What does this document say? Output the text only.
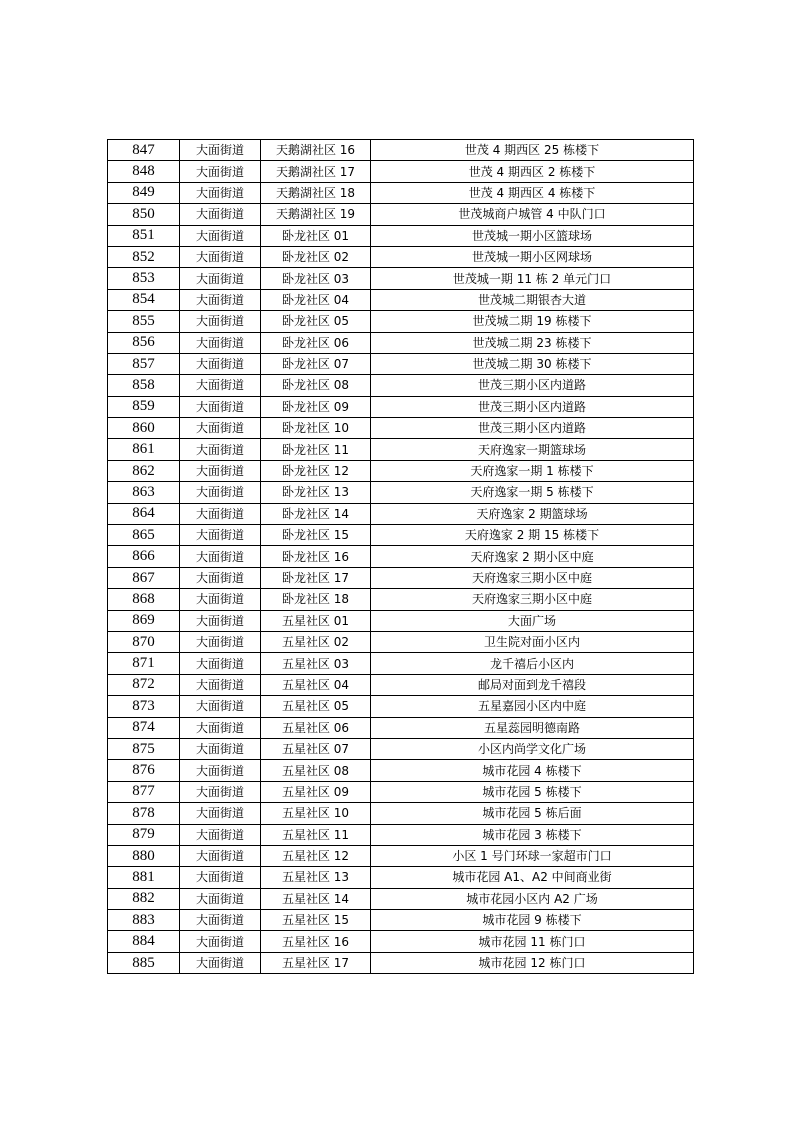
847	大面街道	天鹅湖社区 16	世茂 4 期西区 25 栋楼下
848	大面街道	天鹅湖社区 17	世茂 4 期西区 2 栋楼下
849	大面街道	天鹅湖社区 18	世茂 4 期西区 4 栋楼下
850	大面街道	天鹅湖社区 19	世茂城商户城管 4 中队门口
851	大面街道	卧龙社区 01	世茂城一期小区篮球场
852	大面街道	卧龙社区 02	世茂城一期小区网球场
853	大面街道	卧龙社区 03	世茂城一期 11 栋 2 单元门口
854	大面街道	卧龙社区 04	世茂城二期银杏大道
855	大面街道	卧龙社区 05	世茂城二期 19 栋楼下
856	大面街道	卧龙社区 06	世茂城二期 23 栋楼下
857	大面街道	卧龙社区 07	世茂城二期 30 栋楼下
858	大面街道	卧龙社区 08	世茂三期小区内道路
859	大面街道	卧龙社区 09	世茂三期小区内道路
860	大面街道	卧龙社区 10	世茂三期小区内道路
861	大面街道	卧龙社区 11	天府逸家一期篮球场
862	大面街道	卧龙社区 12	天府逸家一期 1 栋楼下
863	大面街道	卧龙社区 13	天府逸家一期 5 栋楼下
864	大面街道	卧龙社区 14	天府逸家 2 期篮球场
865	大面街道	卧龙社区 15	天府逸家 2 期 15 栋楼下
866	大面街道	卧龙社区 16	天府逸家 2 期小区中庭
867	大面街道	卧龙社区 17	天府逸家三期小区中庭
868	大面街道	卧龙社区 18	天府逸家三期小区中庭
869	大面街道	五星社区 01	大面广场
870	大面街道	五星社区 02	卫生院对面小区内
871	大面街道	五星社区 03	龙千禧后小区内
872	大面街道	五星社区 04	邮局对面到龙千禧段
873	大面街道	五星社区 05	五星嘉园小区内中庭
874	大面街道	五星社区 06	五星蕊园明德南路
875	大面街道	五星社区 07	小区内尚学文化广场
876	大面街道	五星社区 08	城市花园 4 栋楼下
877	大面街道	五星社区 09	城市花园 5 栋楼下
878	大面街道	五星社区 10	城市花园 5 栋后面
879	大面街道	五星社区 11	城市花园 3 栋楼下
880	大面街道	五星社区 12	小区 1 号门环球一家超市门口
881	大面街道	五星社区 13	城市花园 A1、A2 中间商业街
882	大面街道	五星社区 14	城市花园小区内 A2 广场
883	大面街道	五星社区 15	城市花园 9 栋楼下
884	大面街道	五星社区 16	城市花园 11 栋门口
885	大面街道	五星社区 17	城市花园 12 栋门口
